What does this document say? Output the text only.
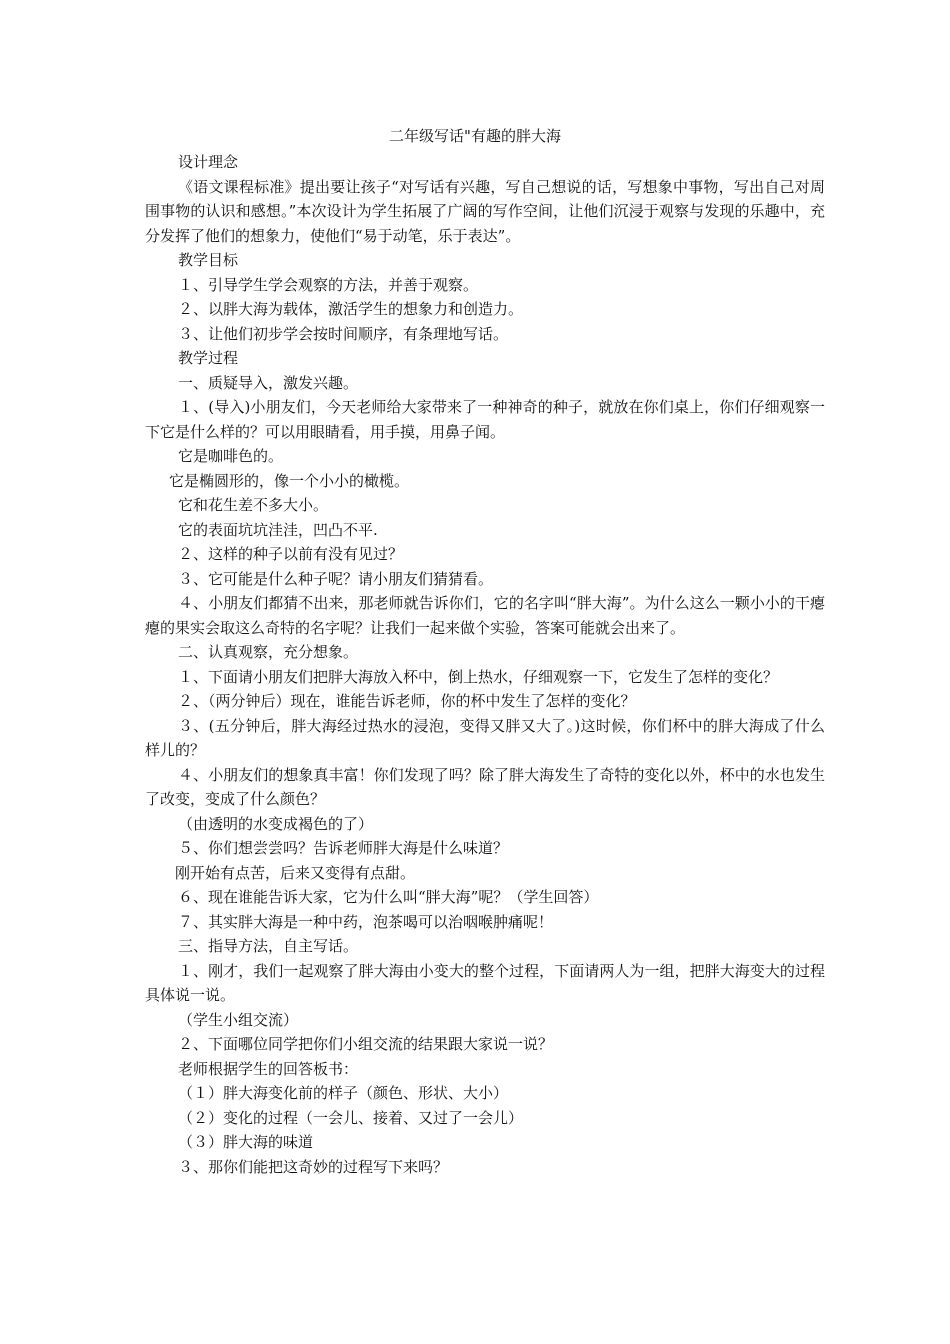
二年级写话"有趣的胖大海

设计理念

《语文课程标准》提出要让孩子“对写话有兴趣，写自己想说的话，写想象中事物，写出自己对周围事物的认识和感想。”本次设计为学生拓展了广阔的写作空间，让他们沉浸于观察与发现的乐趣中，充分发挥了他们的想象力，使他们“易于动笔，乐于表达”。

教学目标

１、引导学生学会观察的方法，并善于观察。

２、以胖大海为载体，激活学生的想象力和创造力。

３、让他们初步学会按时间顺序，有条理地写话。

教学过程

一、质疑导入，激发兴趣。

１、(导入)小朋友们，今天老师给大家带来了一种神奇的种子，就放在你们桌上，你们仔细观察一下它是什么样的？可以用眼睛看，用手摸，用鼻子闻。

它是咖啡色的。

它是椭圆形的，像一个小小的橄榄。

它和花生差不多大小。

它的表面坑坑洼洼，凹凸不平.

２、这样的种子以前有没有见过？

３、它可能是什么种子呢？请小朋友们猜猜看。

４、小朋友们都猜不出来，那老师就告诉你们，它的名字叫“胖大海”。为什么这么一颗小小的干瘪瘪的果实会取这么奇特的名字呢？让我们一起来做个实验，答案可能就会出来了。

二、认真观察，充分想象。

１、下面请小朋友们把胖大海放入杯中，倒上热水，仔细观察一下，它发生了怎样的变化？

２、（两分钟后）现在，谁能告诉老师，你的杯中发生了怎样的变化？

３、(五分钟后，胖大海经过热水的浸泡，变得又胖又大了。)这时候，你们杯中的胖大海成了什么样儿的？

４、小朋友们的想象真丰富！你们发现了吗？除了胖大海发生了奇特的变化以外，杯中的水也发生了改变，变成了什么颜色？

（由透明的水变成褐色的了）

５、你们想尝尝吗？告诉老师胖大海是什么味道？

刚开始有点苦，后来又变得有点甜。

６、现在谁能告诉大家，它为什么叫“胖大海”呢？（学生回答）

７、其实胖大海是一种中药，泡茶喝可以治咽喉肿痛呢！

三、指导方法，自主写话。

１、刚才，我们一起观察了胖大海由小变大的整个过程，下面请两人为一组，把胖大海变大的过程具体说一说。

（学生小组交流）

２、下面哪位同学把你们小组交流的结果跟大家说一说？

老师根据学生的回答板书：

（１）胖大海变化前的样子（颜色、形状、大小）

（２）变化的过程（一会儿、接着、又过了一会儿）

（３）胖大海的味道

３、那你们能把这奇妙的过程写下来吗？
